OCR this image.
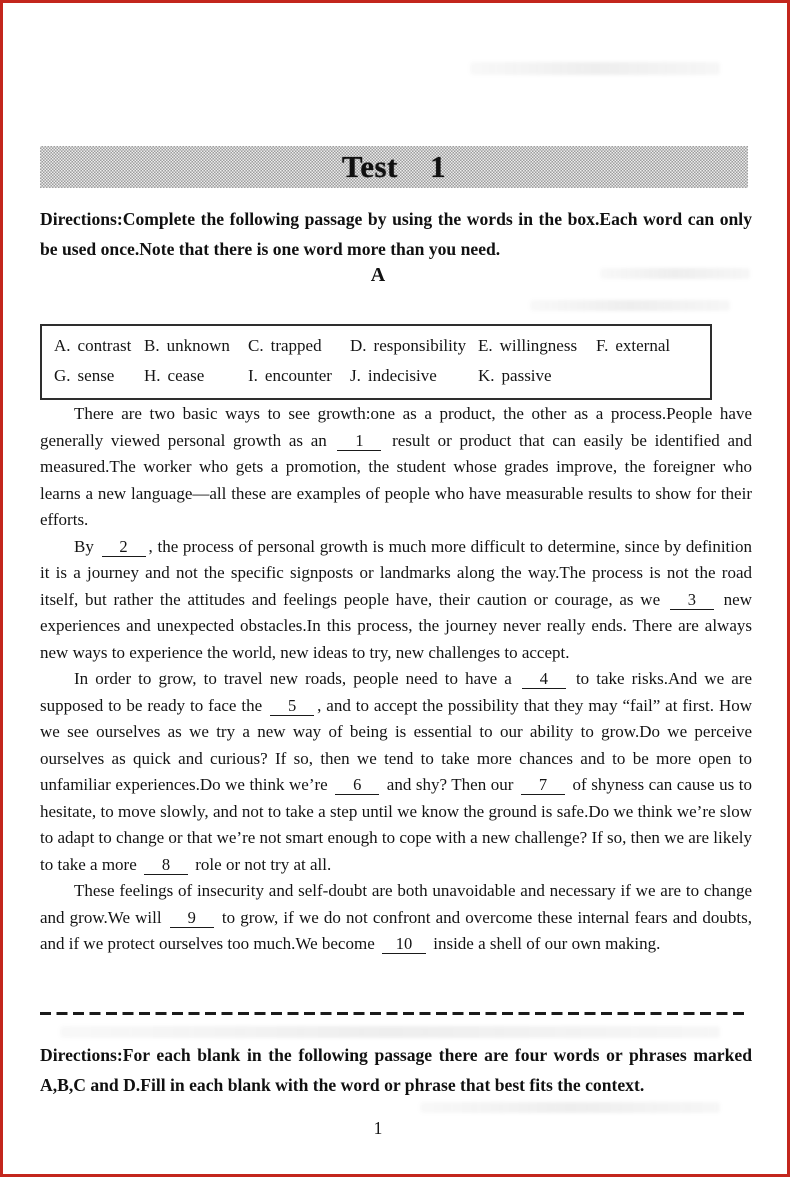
Test 1
Directions:Complete the following passage by using the words in the box.Each word can only be used once.Note that there is one word more than you need.
A
A. contrast B. unknown	C. trapped	D. responsibility E. willingness	F. external
G. sense	H. cease	I. encounter	J. indecisive	K. passive

There are two basic ways to see growth:one as a product, the other as a process.People have generally viewed personal growth as an 1 result or product that can easily be identified and measured.The worker who gets a promotion, the student whose grades improve, the foreigner who learns a new language—all these are examples of people who have measurable results to show for their efforts.

By 2 , the process of personal growth is much more difficult to determine, since by definition it is a journey and not the specific signposts or landmarks along the way.The process is not the road itself, but rather the attitudes and feelings people have, their caution or courage, as we 3 new experiences and unexpected obstacles.In this process, the journey never really ends. There are always new ways to experience the world, new ideas to try, new challenges to accept.

In order to grow, to travel new roads, people need to have a 4 to take risks.And we are supposed to be ready to face the 5 , and to accept the possibility that they may “fail” at first. How we see ourselves as we try a new way of being is essential to our ability to grow.Do we perceive ourselves as quick and curious? If so, then we tend to take more chances and to be more open to unfamiliar experiences.Do we think we’re 6 and shy? Then our 7 of shyness can cause us to hesitate, to move slowly, and not to take a step until we know the ground is safe.Do we think we’re slow to adapt to change or that we’re not smart enough to cope with a new challenge? If so, then we are likely to take a more 8 role or not try at all.

These feelings of insecurity and self-doubt are both unavoidable and necessary if we are to change and grow.We will 9 to grow, if we do not confront and overcome these internal fears and doubts, and if we protect ourselves too much.We become 10 inside a shell of our own making.

Directions:For each blank in the following passage there are four words or phrases marked A,B,C and D.Fill in each blank with the word or phrase that best fits the context.
1
